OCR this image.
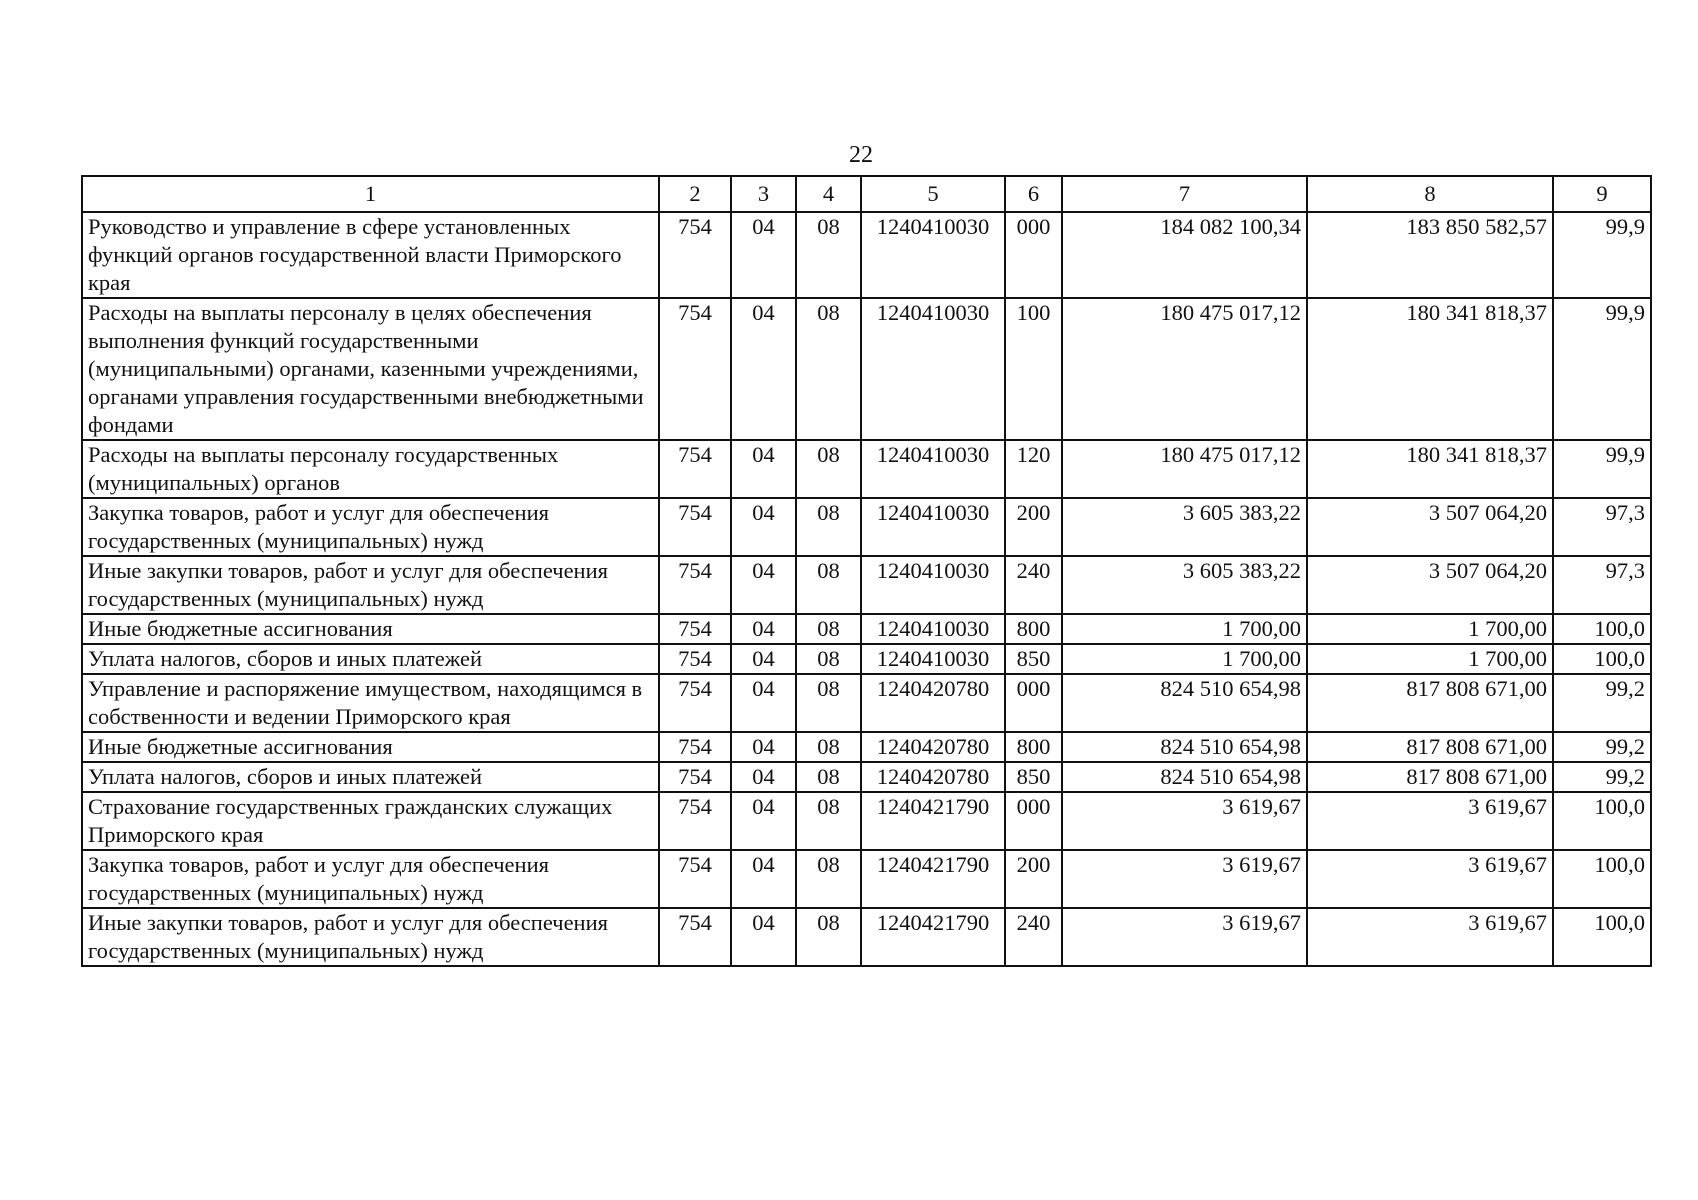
22
1	2	3	4	5	6	7	8	9
Руководство и управление в сфере установленных функций органов государственной власти Приморского края	754	04	08	1240410030	000	184 082 100,34	183 850 582,57	99,9
Расходы на выплаты персоналу в целях обеспечения выполнения функций государственными (муниципальными) органами, казенными учреждениями, органами управления государственными внебюджетными фондами	754	04	08	1240410030	100	180 475 017,12	180 341 818,37	99,9
Расходы на выплаты персоналу государственных (муниципальных) органов	754	04	08	1240410030	120	180 475 017,12	180 341 818,37	99,9
Закупка товаров, работ и услуг для обеспечения государственных (муниципальных) нужд	754	04	08	1240410030	200	3 605 383,22	3 507 064,20	97,3
Иные закупки товаров, работ и услуг для обеспечения государственных (муниципальных) нужд	754	04	08	1240410030	240	3 605 383,22	3 507 064,20	97,3
Иные бюджетные ассигнования	754	04	08	1240410030	800	1 700,00	1 700,00	100,0
Уплата налогов, сборов и иных платежей	754	04	08	1240410030	850	1 700,00	1 700,00	100,0
Управление и распоряжение имуществом, находящимся в собственности и ведении Приморского края	754	04	08	1240420780	000	824 510 654,98	817 808 671,00	99,2
Иные бюджетные ассигнования	754	04	08	1240420780	800	824 510 654,98	817 808 671,00	99,2
Уплата налогов, сборов и иных платежей	754	04	08	1240420780	850	824 510 654,98	817 808 671,00	99,2
Страхование государственных гражданских служащих Приморского края	754	04	08	1240421790	000	3 619,67	3 619,67	100,0
Закупка товаров, работ и услуг для обеспечения государственных (муниципальных) нужд	754	04	08	1240421790	200	3 619,67	3 619,67	100,0
Иные закупки товаров, работ и услуг для обеспечения государственных (муниципальных) нужд	754	04	08	1240421790	240	3 619,67	3 619,67	100,0
